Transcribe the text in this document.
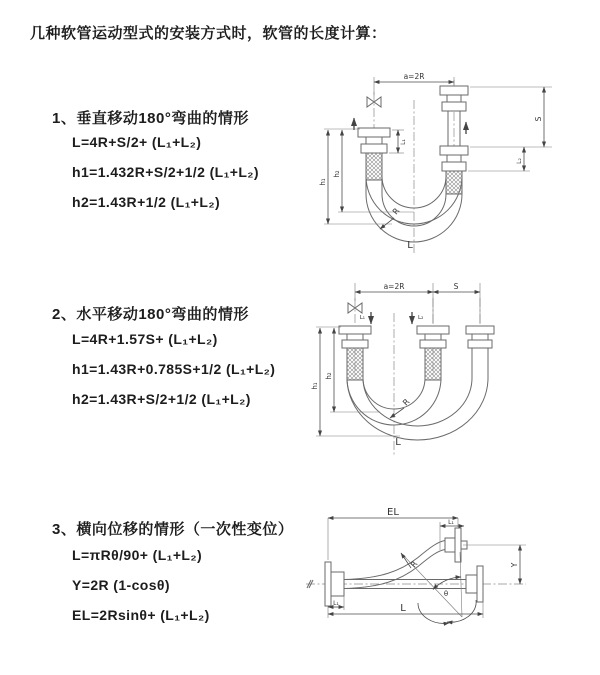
几种软管运动型式的安装方式时，软管的长度计算：
1、垂直移动180°弯曲的情形
L=4R+S/2+ (L₁+L₂)
h1=1.432R+S/2+1/2 (L₁+L₂)
h2=1.43R+1/2 (L₁+L₂)
2、水平移动180°弯曲的情形
L=4R+1.57S+ (L₁+L₂)
h1=1.43R+0.785S+1/2 (L₁+L₂)
h2=1.43R+S/2+1/2 (L₁+L₂)
3、横向位移的情形（一次性变位）
L=πRθ/90+ (L₁+L₂)
Y=2R (1-cosθ)
EL=2Rsinθ+ (L₁+L₂)
a=2R
h₁
h₂
L₁
S
L₂
R
L
a=2R	S
h₁
h₂
L₁	L₂
R
L
EL
L₁
Y
θ
R
L
L₁
